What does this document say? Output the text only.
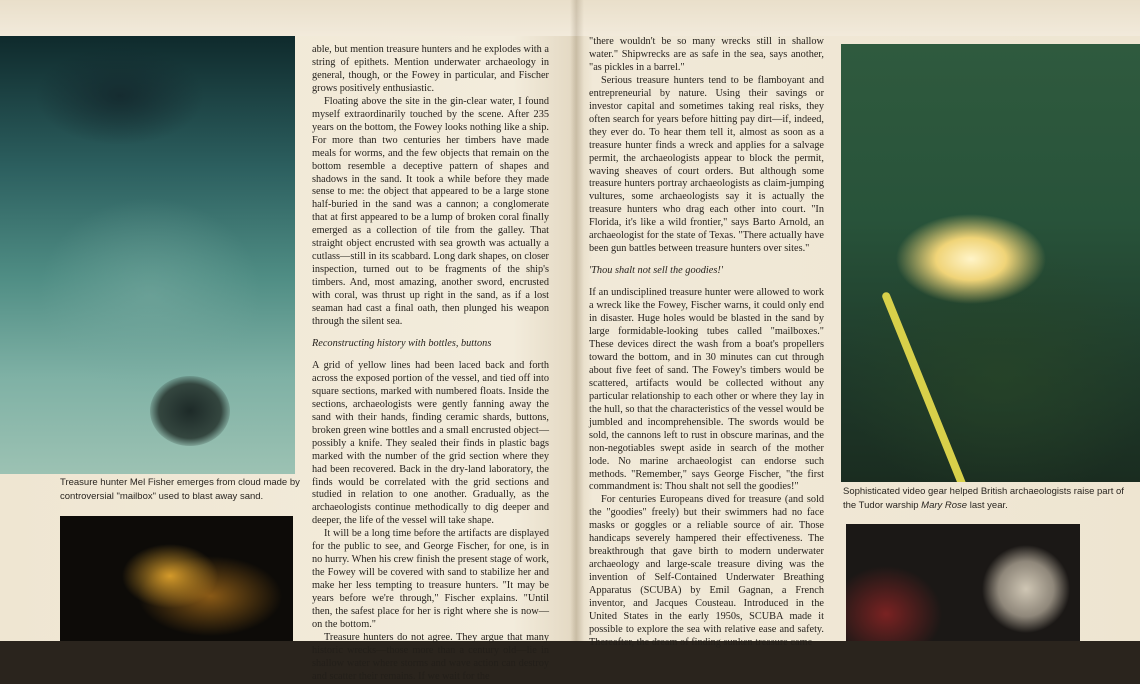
Treasure hunter Mel Fisher emerges from cloud made by controversial "mailbox" used to blast away sand.

able, but mention treasure hunters and he explodes with a string of epithets. Mention underwater archaeology in general, though, or the Fowey in particular, and Fischer grows positively enthusiastic.

Floating above the site in the gin-clear water, I found myself extraordinarily touched by the scene. After 235 years on the bottom, the Fowey looks nothing like a ship. For more than two centuries her timbers have made meals for worms, and the few objects that remain on the bottom resemble a deceptive pattern of shapes and shadows in the sand. It took a while before they made sense to me: the object that appeared to be a large stone half-buried in the sand was a cannon; a conglomerate that at first appeared to be a lump of broken coral finally emerged as a collection of tile from the galley. That straight object encrusted with sea growth was actually a cutlass—still in its scabbard. Long dark shapes, on closer inspection, turned out to be fragments of the ship's timbers. And, most amazing, another sword, encrusted with coral, was thrust up right in the sand, as if a lost seaman had cast a final oath, then plunged his weapon through the silent sea.

Reconstructing history with bottles, buttons

A grid of yellow lines had been laced back and forth across the exposed portion of the vessel, and tied off into square sections, marked with numbered floats. Inside the sections, archaeologists were gently fanning away the sand with their hands, finding ceramic shards, buttons, broken green wine bottles and a small encrusted object—possibly a knife. They sealed their finds in plastic bags marked with the number of the grid section where they had been recovered. Back in the dry-land laboratory, the finds would be correlated with the grid sections and studied in relation to one another. Gradually, as the archaeologists continue methodically to dig deeper and deeper, the life of the vessel will take shape.

It will be a long time before the artifacts are displayed for the public to see, and George Fischer, for one, is in no hurry. When his crew finish the present stage of work, the Fowey will be covered with sand to stabilize her and make her less tempting to treasure hunters. "It may be years before we're through," Fischer explains. "Until then, the safest place for her is right where she is now—on the bottom."

Treasure hunters do not agree. They argue that many historic wrecks—those more than a century old—lie in shallow water where storms and wave action can destroy and scatter their remains. If we wait for the

"there wouldn't be so many wrecks still in shallow water." Shipwrecks are as safe in the sea, says another, "as pickles in a barrel."

Serious treasure hunters tend to be flamboyant and entrepreneurial by nature. Using their savings or investor capital and sometimes taking real risks, they often search for years before hitting pay dirt—if, indeed, they ever do. To hear them tell it, almost as soon as a treasure hunter finds a wreck and applies for a salvage permit, the archaeologists appear to block the permit, waving sheaves of court orders. But although some treasure hunters portray archaeologists as claim-jumping vultures, some archaeologists say it is actually the treasure hunters who drag each other into court. "In Florida, it's like a wild frontier," says Barto Arnold, an archaeologist for the state of Texas. "There actually have been gun battles between treasure hunters over sites."

'Thou shalt not sell the goodies!'

If an undisciplined treasure hunter were allowed to work a wreck like the Fowey, Fischer warns, it could only end in disaster. Huge holes would be blasted in the sand by large formidable-looking tubes called "mailboxes." These devices direct the wash from a boat's propellers toward the bottom, and in 30 minutes can cut through about five feet of sand. The Fowey's timbers would be scattered, artifacts would be collected without any particular relationship to each other or where they lay in the hull, so that the characteristics of the vessel would be jumbled and incomprehensible. The swords would be sold, the cannons left to rust in obscure marinas, and the non-negotiables swept aside in search of the mother lode. No marine archaeologist can endorse such methods. "Remember," says George Fischer, "the first commandment is: Thou shalt not sell the goodies!"

For centuries Europeans dived for treasure (and sold the "goodies" freely) but their swimmers had no face masks or goggles or a reliable source of air. Those handicaps severely hampered their effectiveness. The breakthrough that gave birth to modern underwater archaeology and large-scale treasure diving was the invention of Self-Contained Underwater Breathing Apparatus (SCUBA) by Emil Gagnan, a French inventor, and Jacques Cousteau. Introduced in the United States in the early 1950s, SCUBA made it possible to explore the sea with relative ease and safety. Thereafter, the dream of finding sunken treasure came

Sophisticated video gear helped British archaeologists raise part of the Tudor warship Mary Rose last year.
